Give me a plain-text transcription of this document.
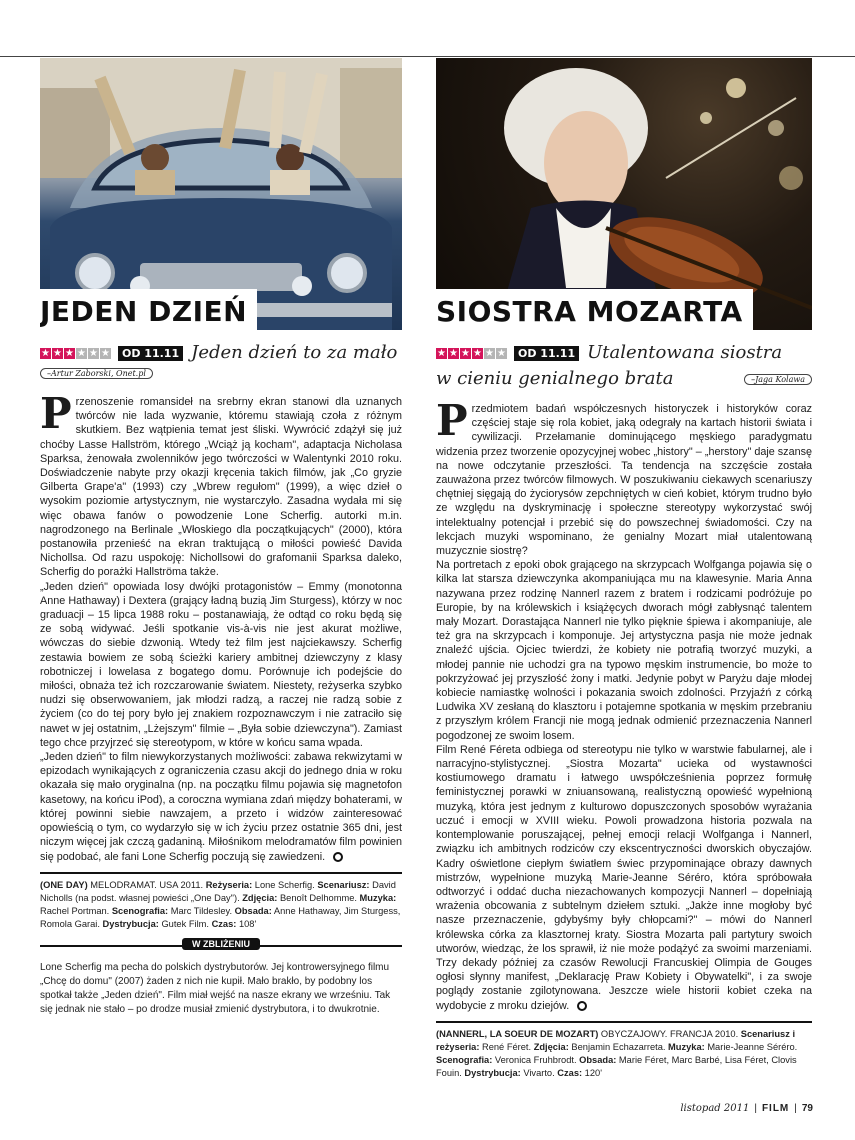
JEDEN DZIEŃ
★ ★ ★ ★ ★ ★	OD 11.11 Jeden dzień to za mało
–Artur Zaborski, Onet.pl

Przenoszenie romansideł na srebrny ekran stanowi dla uznanych twórców nie lada wyzwanie, któremu stawiają czoła z różnym skutkiem. Bez wątpienia temat jest śliski. Wywrócić zdążył się już choćby Lasse Hallström, którego „Wciąż ją kocham", adaptacja Nicholasa Sparksa, żenowała zwolenników jego twórczości w Walentynki 2010 roku. Doświadczenie nabyte przy okazji kręcenia takich filmów, jak „Co gryzie Gilberta Grape'a" (1993) czy „Wbrew regułom" (1999), a więc dzieł o wysokim poziomie artystycznym, nie wystarczyło. Zasadna wydała mi się więc obawa fanów o powodzenie Lone Scherfig. autorki m.in. nagrodzonego na Berlinale „Włoskiego dla początkujących" (2000), która postanowiła przenieść na ekran traktującą o miłości powieść Davida Nichollsa. Od razu uspokoję: Nichollsowi do grafomanii Sparksa daleko, Scherfig do porażki Hallströma także.

„Jeden dzień" opowiada losy dwójki protagonistów – Emmy (monotonna Anne Hathaway) i Dextera (grający ładną buzią Jim Sturgess), którzy w noc graduacji – 15 lipca 1988 roku – postanawiają, że odtąd co roku będą się ze sobą widywać. Jeśli spotkanie vis-à-vis nie jest akurat możliwe, wówczas do siebie dzwonią. Wtedy też film jest najciekawszy. Scherfig zestawia bowiem ze sobą ścieżki kariery ambitnej dziewczyny z klasy robotniczej i lowelasa z bogatego domu. Porównuje ich podejście do miłości, obnaża też ich rozczarowanie światem. Niestety, reżyserka szybko nudzi się obserwowaniem, jak młodzi radzą, a raczej nie radzą sobie z życiem (co do tej pory było jej znakiem rozpoznawczym i nie zatraciło się nawet w jej ostatnim, „Lżejszym" filmie – „Była sobie dziewczyna"). Zamiast tego chce przyjrzeć się stereotypom, w które w końcu sama wpada.

„Jeden dzień" to film niewykorzystanych możliwości: zabawa rekwizytami w epizodach wynikających z ograniczenia czasu akcji do jednego dnia w roku okazała się mało oryginalna (np. na początku filmu pojawia się magnetofon kasetowy, na końcu iPod), a coroczna wymiana zdań między bohaterami, w której powinni siebie nawzajem, a przeto i widzów zainteresować opowieścią o tym, co wydarzyło się w ich życiu przez ostatnie 365 dni, jest niczym więcej jak czczą gadaniną. Miłośnikom melodramatów film powinien się podobać, ale fani Lone Scherfig poczują się zawiedzeni.

(ONE DAY) MELODRAMAT. USA 2011. Reżyseria: Lone Scherfig. Scenariusz: David Nicholls (na podst. własnej powieści „One Day"). Zdjęcia: Benoît Delhomme. Muzyka: Rachel Portman. Scenografia: Marc Tildesley. Obsada: Anne Hathaway, Jim Sturgess, Romola Garai. Dystrybucja: Gutek Film. Czas: 108'
W ZBLIŻENIU
Lone Scherfig ma pecha do polskich dystrybutorów. Jej kontrowersyjnego filmu „Chcę do domu" (2007) żaden z nich nie kupił. Mało brakło, by podobny los spotkał także „Jeden dzień". Film miał wejść na nasze ekrany we wrześniu. Tak się jednak nie stało – po drodze musiał zmienić dystrybutora, i to dwukrotnie.
SIOSTRA MOZARTA
★ ★ ★ ★ ★ ★	OD 11.11 Utalentowana siostra
w cieniu genialnego brata	–Jaga Kolawa

Przedmiotem badań współczesnych historyczek i historyków coraz częściej staje się rola kobiet, jaką odegrały na kartach historii świata i cywilizacji. Przełamanie dominującego męskiego paradygmatu widzenia przez tworzenie opozycyjnej wobec „history" – „herstory" daje szansę na nowe odczytanie przeszłości. Ta tendencja na szczęście została zauważona przez twórców filmowych. W poszukiwaniu ciekawych scenariuszy chętniej sięgają do życiorysów zepchniętych w cień kobiet, którym trudno było ze względu na dyskryminację i społeczne stereotypy wykorzystać swój intelektualny potencjał i przebić się do powszechnej świadomości. Czy na lekcjach muzyki wspominano, że genialny Mozart miał utalentowaną muzycznie siostrę?

Na portretach z epoki obok grającego na skrzypcach Wolfganga pojawia się o kilka lat starsza dziewczynka akompaniująca mu na klawesynie. Maria Anna nazywana przez rodzinę Nannerl razem z bratem i rodzicami podróżuje po Europie, by na królewskich i książęcych dworach mógł zabłysnąć talentem mały Mozart. Dorastająca Nannerl nie tylko pięknie śpiewa i akompaniuje, ale też gra na skrzypcach i komponuje. Jej artystyczna pasja nie może jednak znaleźć ujścia. Ojciec twierdzi, że kobiety nie potrafią tworzyć muzyki, a młodej pannie nie uchodzi gra na typowo męskim instrumencie, bo może to pokrzyżować jej przyszłość żony i matki. Jedynie pobyt w Paryżu daje młodej kobiecie namiastkę wolności i pokazania swoich zdolności. Przyjaźń z córką Ludwika XV zesłaną do klasztoru i potajemne spotkania w męskim przebraniu z przyszłym królem Francji nie mogą jednak odmienić przeznaczenia Nannerl pogodzonej ze swoim losem.

Film René Féreta odbiega od stereotypu nie tylko w warstwie fabularnej, ale i narracyjno-stylistycznej. „Siostra Mozarta" ucieka od wystawności kostiumowego dramatu i łatwego uwspółcześnienia poprzez formułę feministycznej porawki w zniuansowaną, realistyczną opowieść wypełnioną muzyką, która jest jednym z kulturowo dopuszczonych sposobów wyrażania uczuć i emocji w XVIII wieku. Powoli prowadzona historia pozwala na kontemplowanie poruszającej, pełnej emocji relacji Wolfganga i Nannerl, związku ich ambitnych rodziców czy ekscentryczności dworskich obyczajów. Kadry oświetlone ciepłym światłem świec przypominające obrazy dawnych mistrzów, wypełnione muzyką Marie-Jeanne Séréro, która spróbowała odtworzyć i oddać ducha niezachowanych kompozycji Nannerl – dopełniają wrażenia obcowania z subtelnym dziełem sztuki. „Jakże inne mogłoby być nasze przeznaczenie, gdybyśmy były chłopcami?" – mówi do Nannerl królewska córka za klasztornej kraty. Siostra Mozarta pali partytury swoich utworów, wiedząc, że los sprawił, iż nie może podążyć za swoimi marzeniami. Trzy dekady później za czasów Rewolucji Francuskiej Olimpia de Gouges ogłosi słynny manifest, „Deklarację Praw Kobiety i Obywatelki", i za swoje poglądy zostanie zgilotynowana. Jeszcze wiele historii kobiet czeka na wydobycie z mroku dziejów.

(NANNERL, LA SOEUR DE MOZART) OBYCZAJOWY. FRANCJA 2010. Scenariusz i reżyseria: René Féret. Zdjęcia: Benjamin Echazarreta. Muzyka: Marie-Jeanne Séréro. Scenografia: Veronica Fruhbrodt. Obsada: Marie Féret, Marc Barbé, Lisa Féret, Clovis Fouin. Dystrybucja: Vivarto. Czas: 120'
listopad 2011 | FILM | 79
